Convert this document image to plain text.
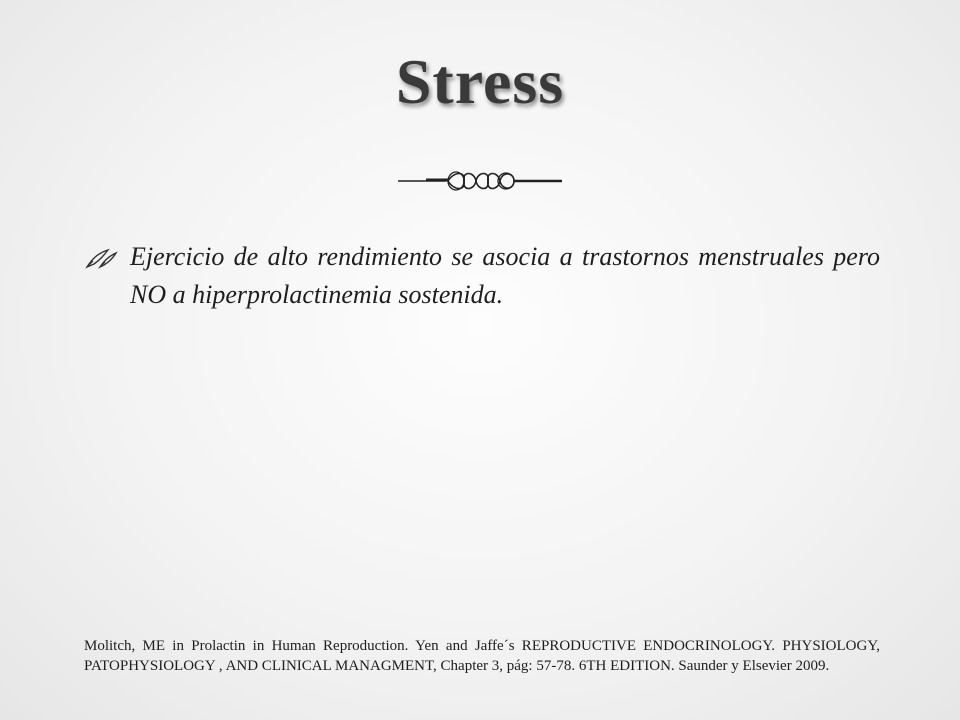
Stress

Ejercicio de alto rendimiento se asocia a trastornos menstruales pero NO a hiperprolactinemia sostenida.

Molitch, ME in Prolactin in Human Reproduction. Yen and Jaffe´s REPRODUCTIVE ENDOCRINOLOGY. PHYSIOLOGY, PATOPHYSIOLOGY , AND CLINICAL MANAGMENT, Chapter 3, pág: 57-78. 6TH EDITION. Saunder y Elsevier 2009.
